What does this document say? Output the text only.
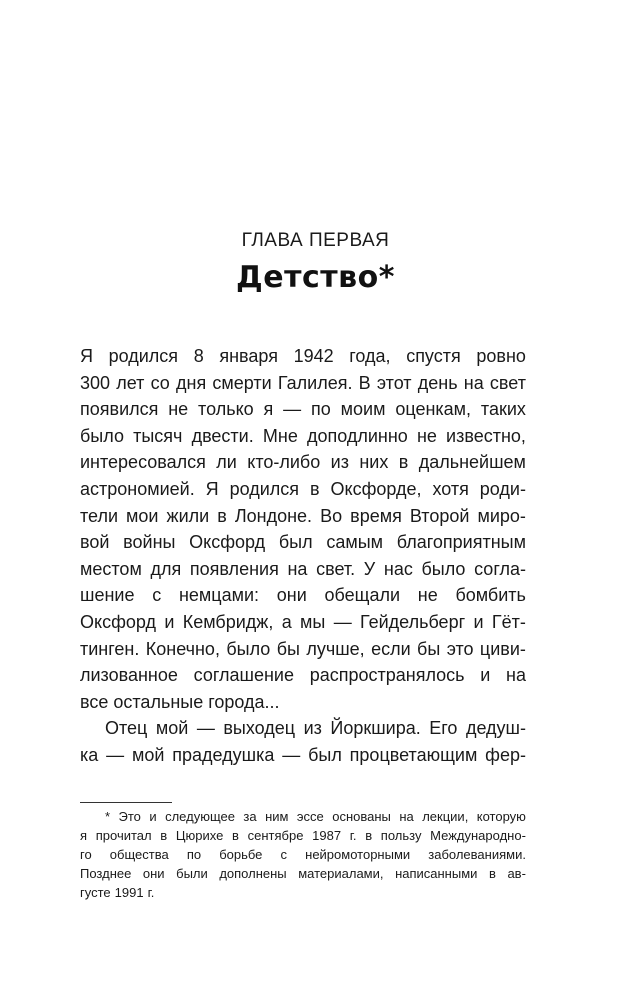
ГЛАВА ПЕРВАЯ
Детство*
Я родился 8 января 1942 года, спустя ровно
300 лет со дня смерти Галилея. В этот день на свет
появился не только я — по моим оценкам, таких
было тысяч двести. Мне доподлинно не известно,
интересовался ли кто-либо из них в дальнейшем
астрономией. Я родился в Оксфорде, хотя роди-
тели мои жили в Лондоне. Во время Второй миро-
вой войны Оксфорд был самым благоприятным
местом для появления на свет. У нас было согла-
шение с немцами: они обещали не бомбить
Оксфорд и Кембридж, а мы — Гейдельберг и Гёт-
тинген. Конечно, было бы лучше, если бы это циви-
лизованное соглашение распространялось и на
все остальные города...
Отец мой — выходец из Йоркшира. Его дедуш-
ка — мой прадедушка — был процветающим фер-
* Это и следующее за ним эссе основаны на лекции, которую
я прочитал в Цюрихе в сентябре 1987 г. в пользу Международно-
го общества по борьбе с нейромоторными заболеваниями.
Позднее они были дополнены материалами, написанными в ав-
густе 1991 г.
